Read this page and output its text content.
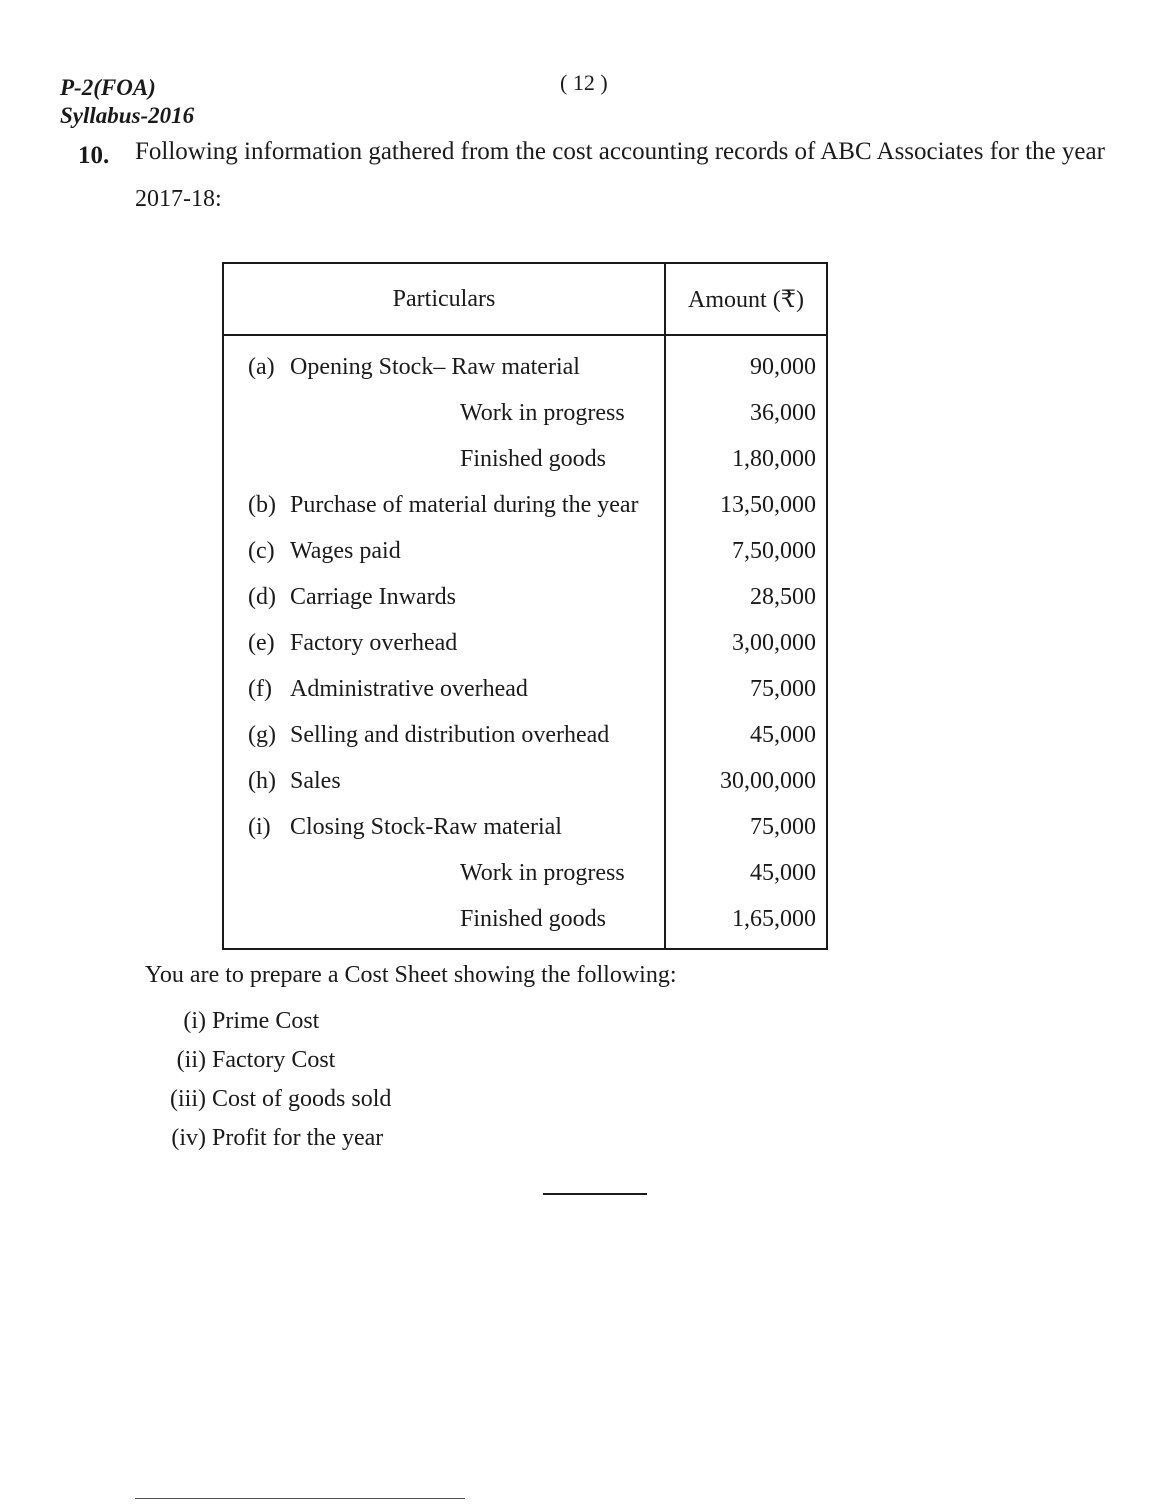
P-2(FOA)
Syllabus-2016
( 12 )
10. Following information gathered from the cost accounting records of ABC Associates for the year
2017-18:
Particulars	Amount (₹)
(a) Opening Stock– Raw material	90,000
Work in progress	36,000
Finished goods	1,80,000
(b) Purchase of material during the year	13,50,000
(c) Wages paid	7,50,000
(d) Carriage Inwards	28,500
(e) Factory overhead	3,00,000
(f) Administrative overhead	75,000
(g) Selling and distribution overhead	45,000
(h) Sales	30,00,000
(i) Closing Stock-Raw material	75,000
Work in progress	45,000
Finished goods	1,65,000
You are to prepare a Cost Sheet showing the following:
(i) Prime Cost
(ii) Factory Cost
(iii) Cost of goods sold
(iv) Profit for the year
